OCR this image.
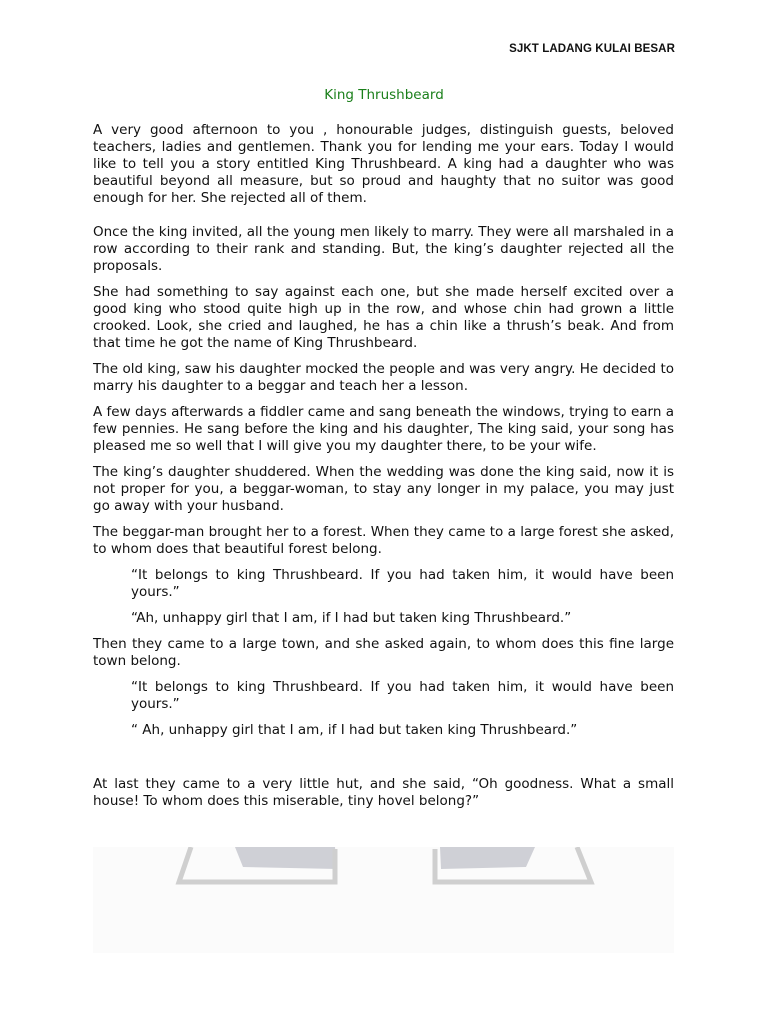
SJKT LADANG KULAI BESAR
King Thrushbeard

A very good afternoon to you , honourable judges, distinguish guests, beloved teachers, ladies and gentlemen. Thank you for lending me your ears. Today I would like to tell you a story entitled King Thrushbeard. A king had a daughter who was beautiful beyond all measure, but so proud and haughty that no suitor was good enough for her. She rejected all of them.

Once the king invited, all the young men likely to marry. They were all marshaled in a row according to their rank and standing. But, the king’s daughter rejected all the proposals.

She had something to say against each one, but she made herself excited over a good king who stood quite high up in the row, and whose chin had grown a little crooked. Look, she cried and laughed, he has a chin like a thrush’s beak. And from that time he got the name of King Thrushbeard.

The old king, saw his daughter mocked the people and was very angry. He decided to marry his daughter to a beggar and teach her a lesson.

A few days afterwards a fiddler came and sang beneath the windows, trying to earn a few pennies. He sang before the king and his daughter, The king said, your song has pleased me so well that I will give you my daughter there, to be your wife.

The king’s daughter shuddered. When the wedding was done the king said, now it is not proper for you, a beggar-woman, to stay any longer in my palace, you may just go away with your husband.

The beggar-man brought her to a forest. When they came to a large forest she asked, to whom does that beautiful forest belong.

“It belongs to king Thrushbeard. If you had taken him, it would have been yours.”

“Ah, unhappy girl that I am, if I had but taken king Thrushbeard.”

Then they came to a large town, and she asked again, to whom does this fine large town belong.

“It belongs to king Thrushbeard. If you had taken him, it would have been yours.”

“ Ah, unhappy girl that I am, if I had but taken king Thrushbeard.”

At last they came to a very little hut, and she said, “Oh goodness. What a small house! To whom does this miserable, tiny hovel belong?”
